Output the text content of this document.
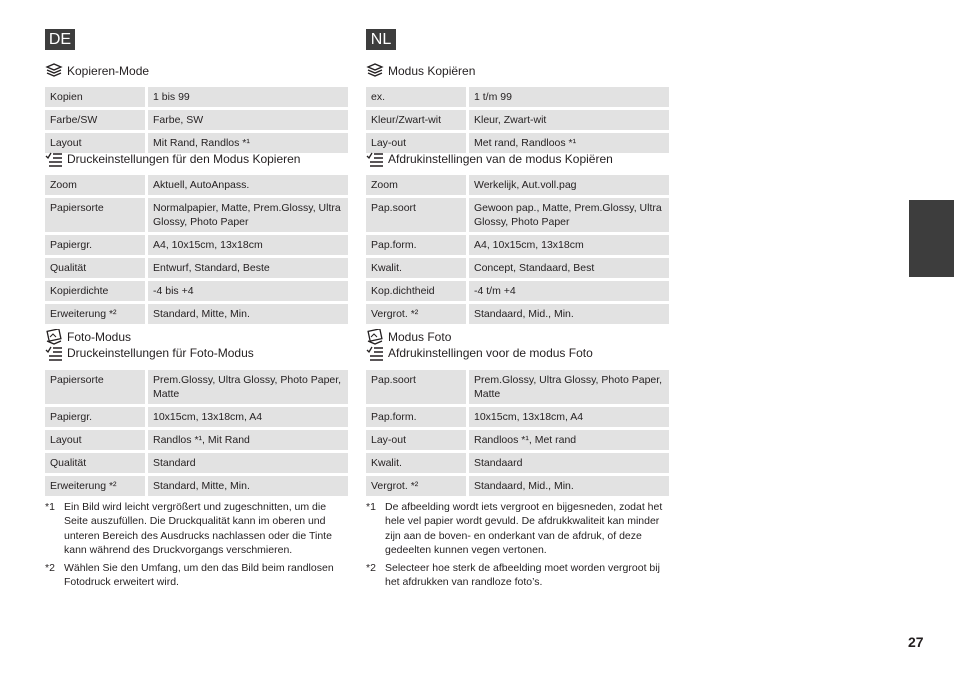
DE
Kopieren-Mode
Kopien	1 bis 99
Farbe/SW	Farbe, SW
Layout	Mit Rand, Randlos *¹
Druckeinstellungen für den Modus Kopieren
Zoom	Aktuell, AutoAnpass.
Papiersorte	Normalpapier, Matte, Prem.Glossy, Ultra Glossy, Photo Paper
Papiergr.	A4, 10x15cm, 13x18cm
Qualität	Entwurf, Standard, Beste
Kopierdichte	-4 bis +4
Erweiterung *²	Standard, Mitte, Min.
Foto-Modus
Druckeinstellungen für Foto-Modus
Papiersorte	Prem.Glossy, Ultra Glossy, Photo Paper, Matte
Papiergr.	10x15cm, 13x18cm, A4
Layout	Randlos *¹, Mit Rand
Qualität	Standard
Erweiterung *²	Standard, Mitte, Min.
*1 Ein Bild wird leicht vergrößert und zugeschnitten, um die Seite auszufüllen. Die Druckqualität kann im oberen und unteren Bereich des Ausdrucks nachlassen oder die Tinte kann während des Druckvorgangs verschmieren.
*2 Wählen Sie den Umfang, um den das Bild beim randlosen Fotodruck erweitert wird.
NL
Modus Kopiëren
ex.	1 t/m 99
Kleur/Zwart-wit	Kleur, Zwart-wit
Lay-out	Met rand, Randloos *¹
Afdrukinstellingen van de modus Kopiëren
Zoom	Werkelijk, Aut.voll.pag
Pap.soort	Gewoon pap., Matte, Prem.Glossy, Ultra Glossy, Photo Paper
Pap.form.	A4, 10x15cm, 13x18cm
Kwalit.	Concept, Standaard, Best
Kop.dichtheid	-4 t/m +4
Vergrot. *²	Standaard, Mid., Min.
Modus Foto
Afdrukinstellingen voor de modus Foto
Pap.soort	Prem.Glossy, Ultra Glossy, Photo Paper, Matte
Pap.form.	10x15cm, 13x18cm, A4
Lay-out	Randloos *¹, Met rand
Kwalit.	Standaard
Vergrot. *²	Standaard, Mid., Min.
*1 De afbeelding wordt iets vergroot en bijgesneden, zodat het hele vel papier wordt gevuld. De afdrukkwaliteit kan minder zijn aan de boven- en onderkant van de afdruk, of deze gedeelten kunnen vegen vertonen.
*2 Selecteer hoe sterk de afbeelding moet worden vergroot bij het afdrukken van randloze foto’s.
27
